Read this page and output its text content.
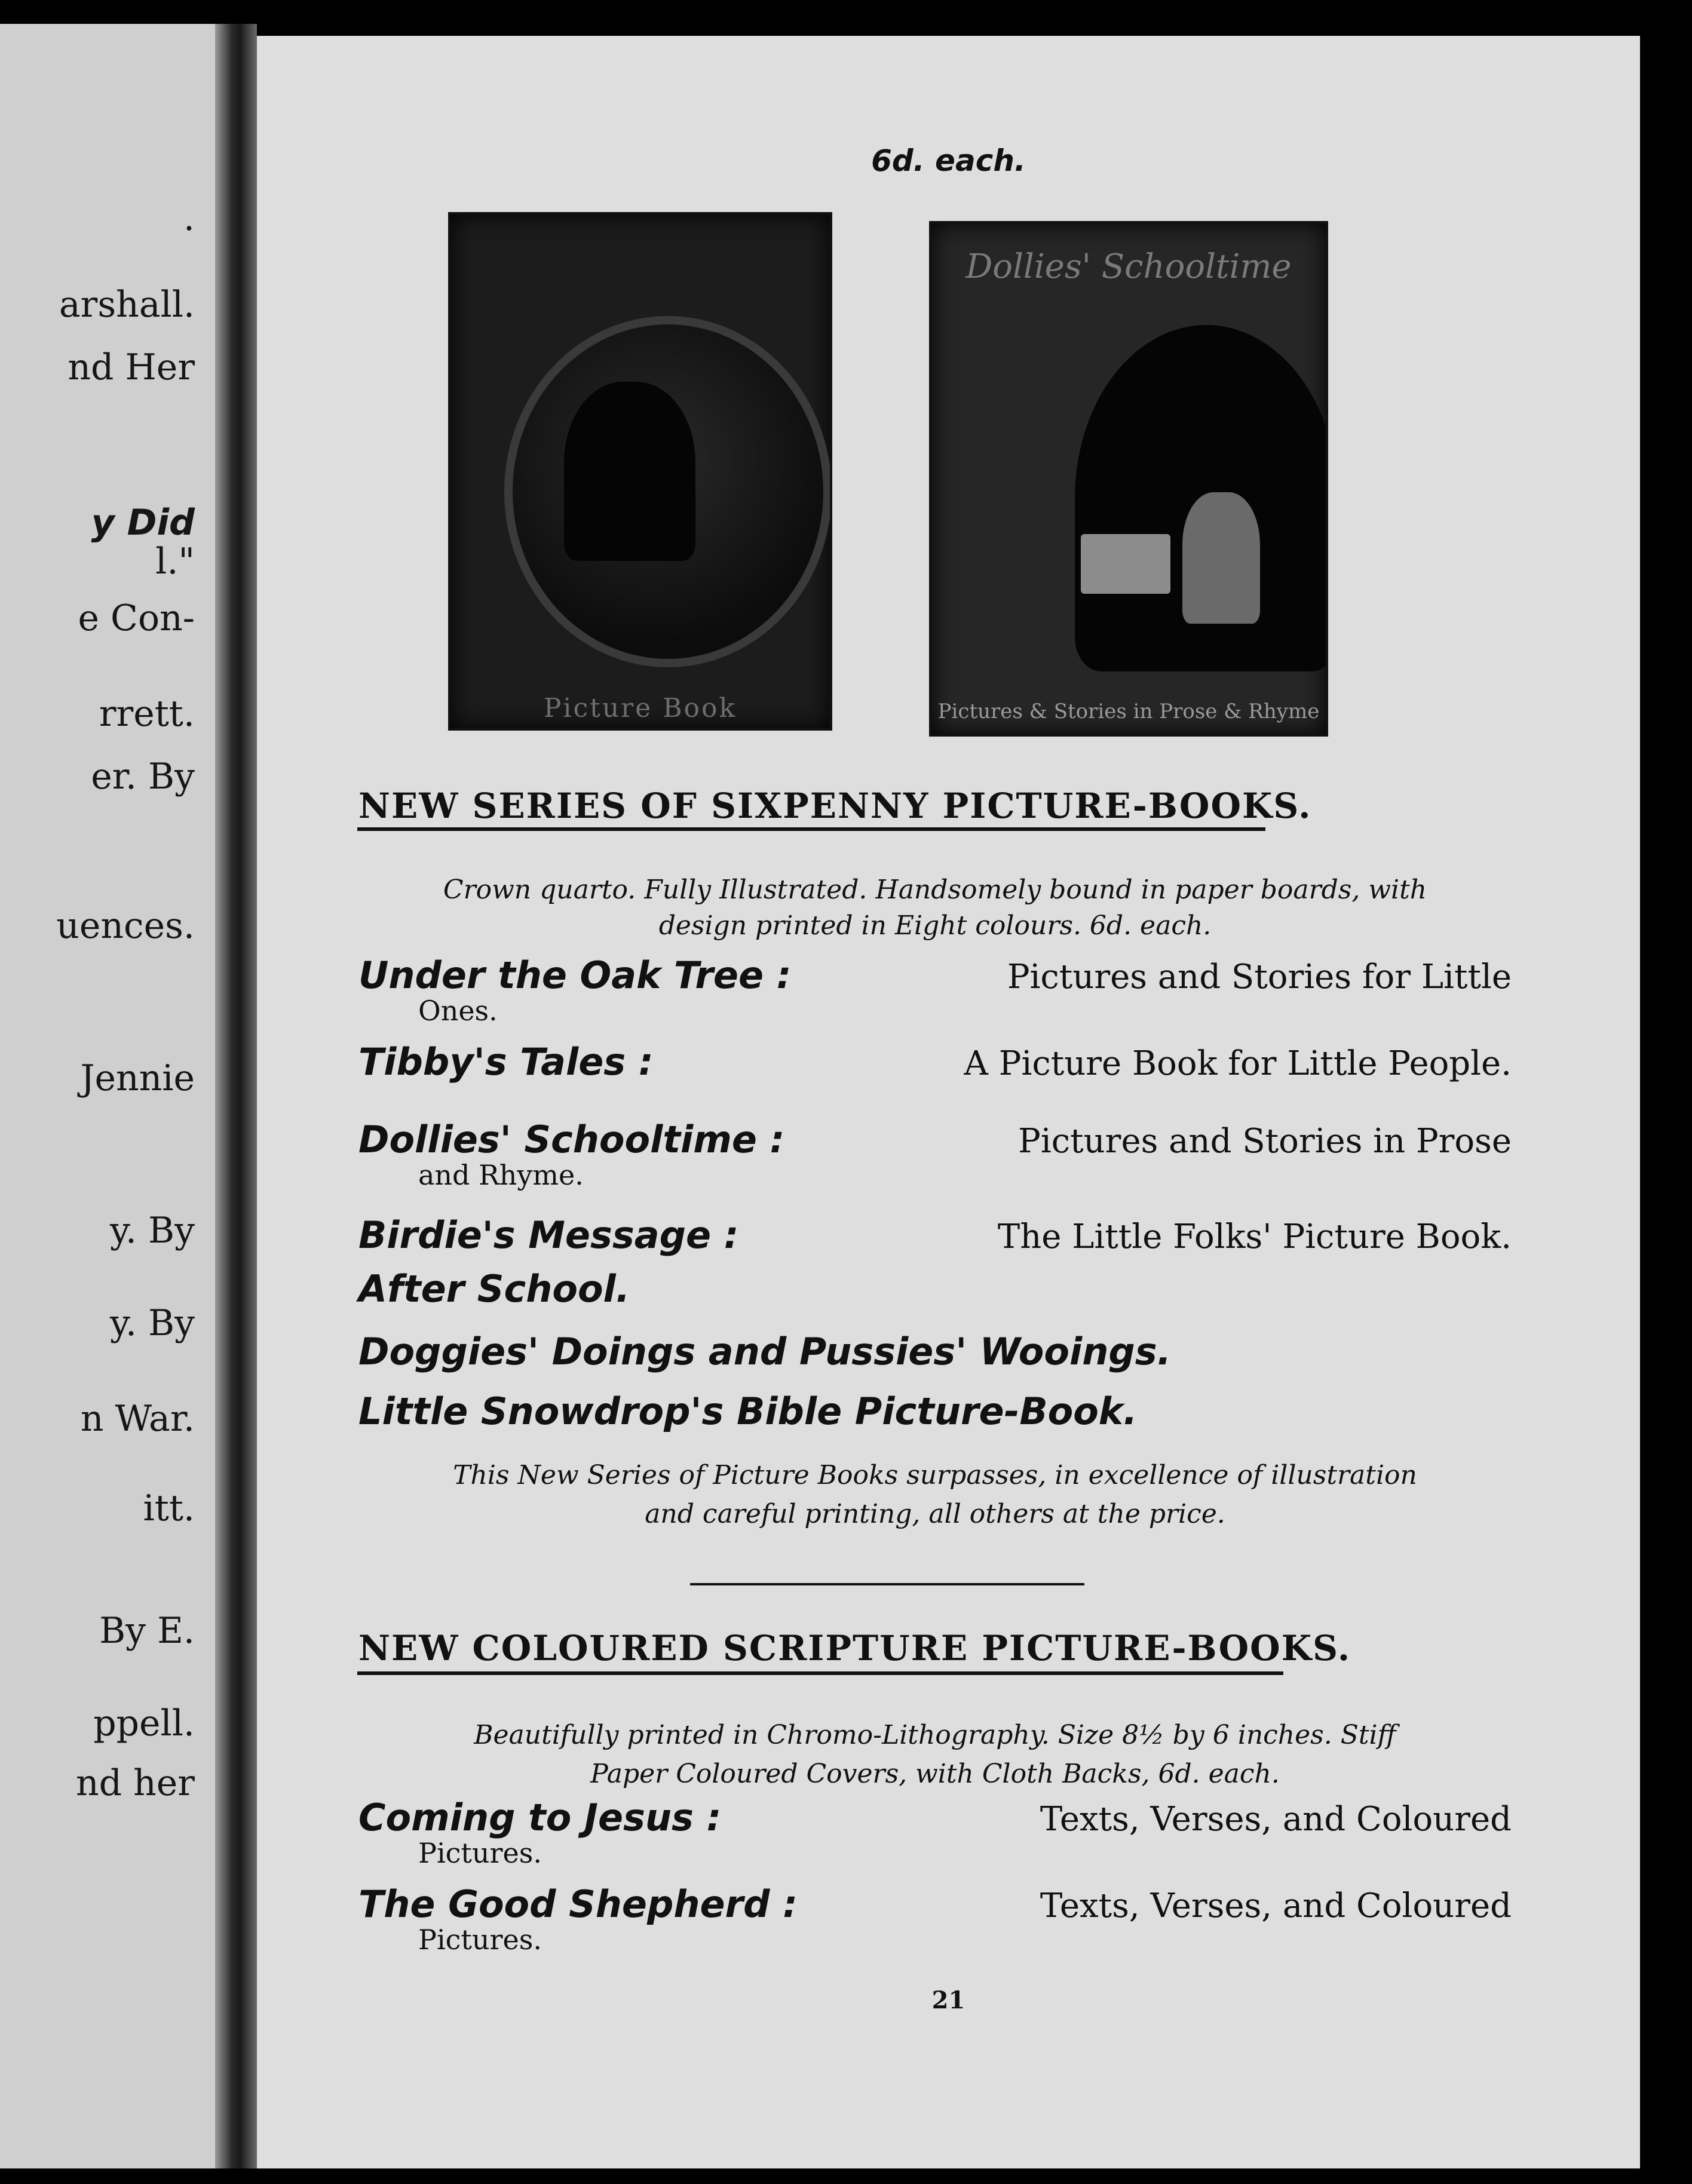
.
arshall.
nd Her
y Did
l."
e Con-
rrett.
er. By
uences.
Jennie
y. By
y. By
n War.
itt.
By E.
ppell.
nd her
6d. each.
Picture Book
Dollies' Schooltime
Pictures & Stories in Prose & Rhyme
NEW SERIES OF SIXPENNY PICTURE-BOOKS.
Crown quarto. Fully Illustrated. Handsomely bound in paper boards, with
design printed in Eight colours. 6d. each.
Under the Oak Tree :	Pictures and Stories for Little
Ones.
Tibby's Tales :	A Picture Book for Little People.
Dollies' Schooltime :	Pictures and Stories in Prose
and Rhyme.
Birdie's Message :	The Little Folks' Picture Book.
After School.
Doggies' Doings and Pussies' Wooings.
Little Snowdrop's Bible Picture-Book.
This New Series of Picture Books surpasses, in excellence of illustration
and careful printing, all others at the price.
NEW COLOURED SCRIPTURE PICTURE-BOOKS.
Beautifully printed in Chromo-Lithography. Size 8½ by 6 inches. Stiff
Paper Coloured Covers, with Cloth Backs, 6d. each.
Coming to Jesus :	Texts, Verses, and Coloured
Pictures.
The Good Shepherd :	Texts, Verses, and Coloured
Pictures.
21
